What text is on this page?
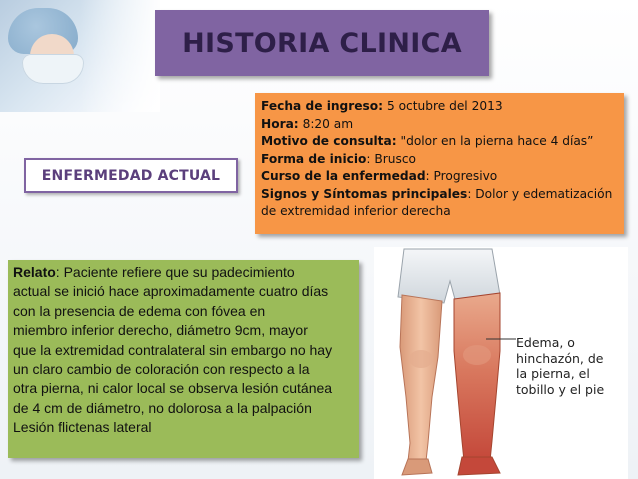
HISTORIA CLINICA
Fecha de ingreso: 5 octubre del 2013
Hora: 8:20 am
Motivo de consulta: "dolor en la pierna hace 4 días”
Forma de inicio: Brusco
Curso de la enfermedad: Progresivo
Signos y Síntomas principales: Dolor y edematización
de extremidad inferior derecha
ENFERMEDAD ACTUAL
Relato: Paciente refiere que su padecimiento
actual se inició hace aproximadamente cuatro días
con la presencia de edema con fóvea en
miembro inferior derecho, diámetro 9cm, mayor
que la extremidad contralateral sin embargo no hay
un claro cambio de coloración con respecto a la
otra pierna, ni calor local se observa lesión cutánea
de 4 cm de diámetro, no dolorosa a la palpación
Lesión flictenas lateral
Edema, o
hinchazón, de
la pierna, el
tobillo y el pie
